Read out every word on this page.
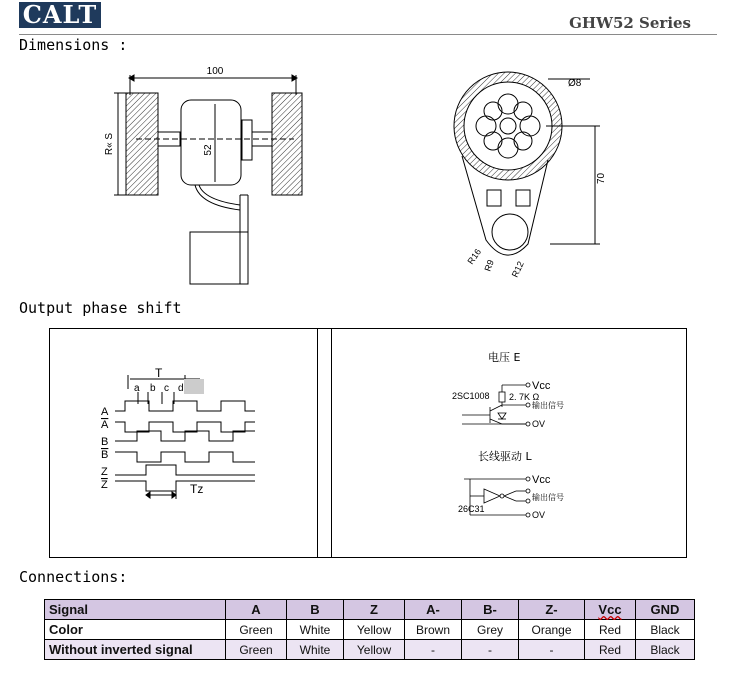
CALT	GHW52 Series
Dimensions :
100
52
R« S
Ø8
70
R16 R9 R12
Output phase shift
T
a b c d
A
A
B
B
Z
Z	Tz
电压 E
Vcc
2SC1008 2. 7K Ω
输出信号
OV
长线驱动 L
Vcc
输出信号
26C31
OV
Connections:
Signal	A	B	Z	A-	B-	Z-	Vcc	GND
Color	Green	White	Yellow	Brown	Grey	Orange	Red	Black
Without inverted signal	Green	White	Yellow	-	-	-	Red	Black
